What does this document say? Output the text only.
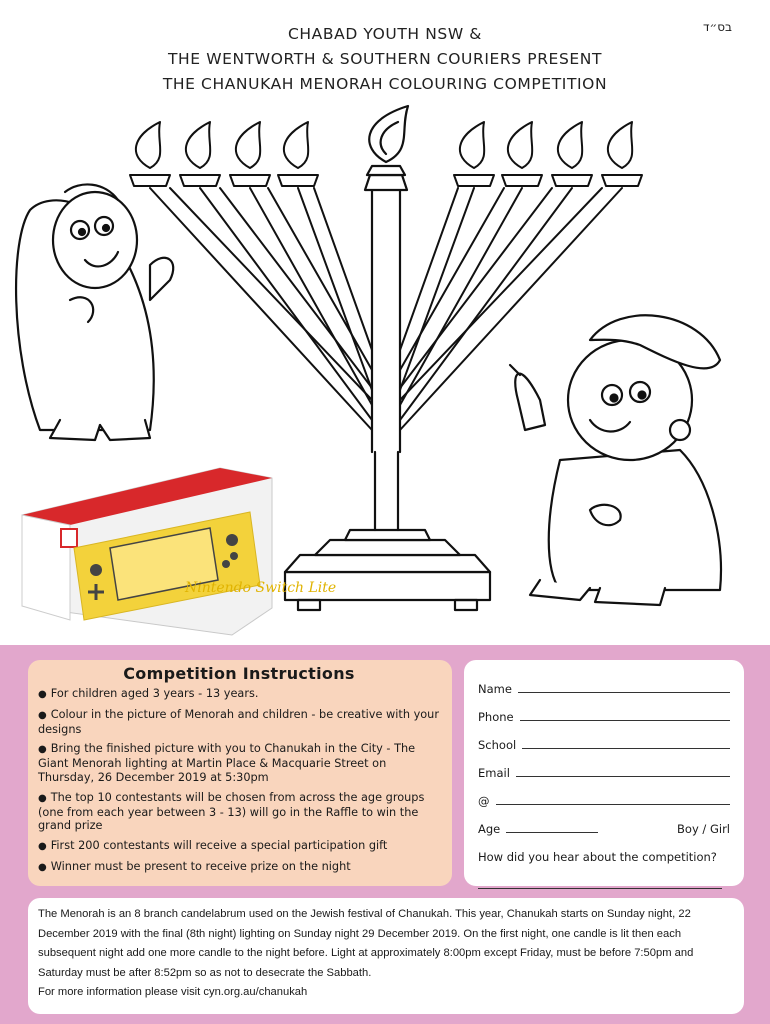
בס״ד
CHABAD YOUTH NSW &
THE WENTWORTH & SOUTHERN COURIERS PRESENT
THE CHANUKAH MENORAH COLOURING COMPETITION
Nintendo Switch Lite
Competition Instructions
● For children aged 3 years - 13 years.
● Colour in the picture of Menorah and children - be creative with your designs
● Bring the finished picture with you to Chanukah in the City - The Giant Menorah lighting at Martin Place & Macquarie Street on Thursday, 26 December 2019 at 5:30pm
● The top 10 contestants will be chosen from across the age groups (one from each year between 3 - 13) will go in the Raffle to win the grand prize
● First 200 contestants will receive a special participation gift
● Winner must be present to receive prize on the night
Name
Phone
School
Email
@
Age	Boy / Girl
How did you hear about the competition?

The Menorah is an 8 branch candelabrum used on the Jewish festival of Chanukah. This year, Chanukah starts on Sunday night, 22 December 2019 with the final (8th night) lighting on Sunday night 29 December 2019. On the first night, one candle is lit then each subsequent night add one more candle to the night before. Light at approximately 8:00pm except Friday, must be before 7:50pm and Saturday must be after 8:52pm so as not to desecrate the Sabbath.

For more information please visit cyn.org.au/chanukah
